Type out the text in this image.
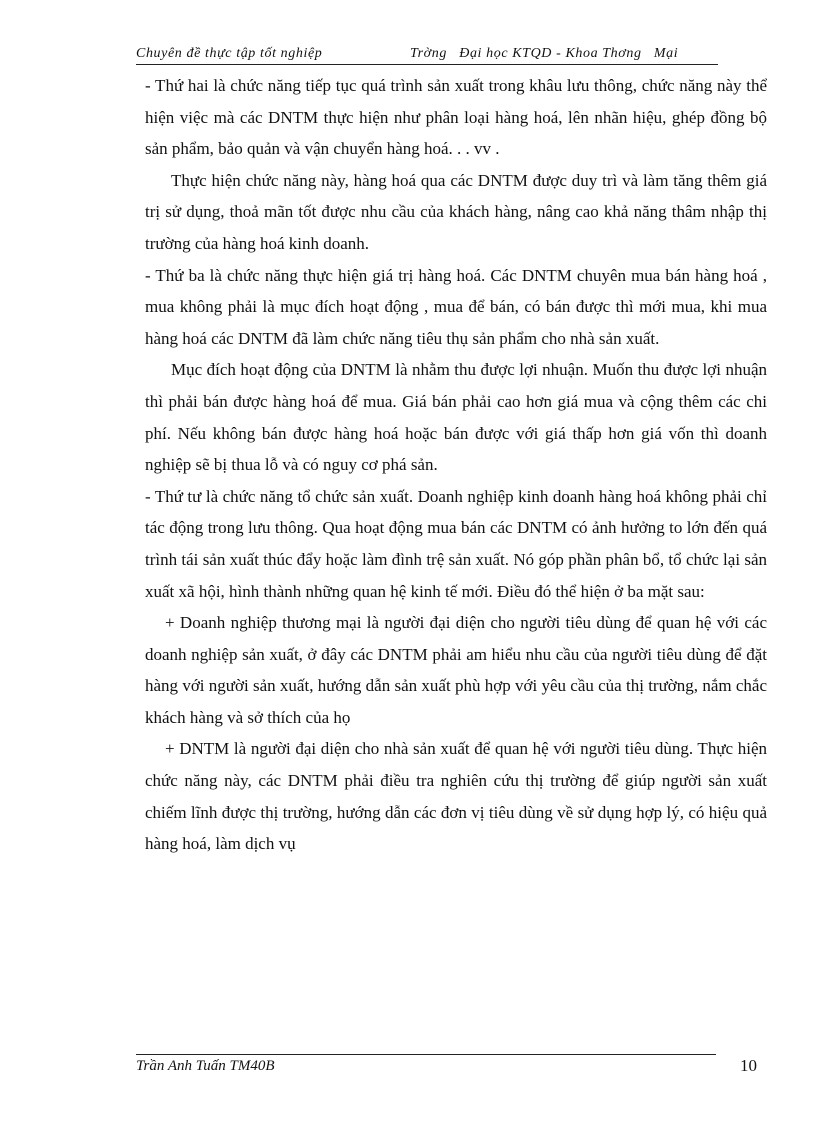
Chuyên đề thực tập tốt nghiệp	Trờng   Đại học KTQD - Khoa Thơng   Mại

- Thứ hai là chức năng tiếp tục quá trình sản xuất trong khâu lưu thông, chức năng này thể hiện việc mà các DNTM thực hiện như phân loại hàng hoá, lên nhãn hiệu, ghép đồng bộ sản phẩm, bảo quản và vận chuyển hàng hoá. . . vv .

Thực hiện chức năng này, hàng hoá qua các DNTM được duy trì và làm tăng thêm giá trị sử dụng, thoả mãn tốt được nhu cầu của khách hàng, nâng cao khả năng thâm nhập thị trường của hàng hoá kinh doanh.

- Thứ ba là chức năng thực hiện giá trị hàng hoá. Các DNTM chuyên mua bán hàng hoá , mua không phải là mục đích hoạt động , mua để bán, có bán được thì mới mua, khi mua hàng hoá các DNTM đã làm chức năng tiêu thụ sản phẩm cho nhà sản xuất.

Mục đích hoạt động của DNTM là nhằm thu được lợi nhuận. Muốn thu được lợi nhuận thì phải bán được hàng hoá để mua. Giá bán phải cao hơn giá mua và cộng thêm các chi phí. Nếu không bán được hàng hoá hoặc bán được với giá thấp hơn giá vốn thì doanh nghiệp sẽ bị thua lỗ và có nguy cơ phá sản.

- Thứ tư là chức năng tổ chức sản xuất. Doanh nghiệp kinh doanh hàng hoá không phải chỉ tác động trong lưu thông. Qua hoạt động mua bán các DNTM có ảnh hưởng to lớn đến quá trình tái sản xuất thúc đẩy hoặc làm đình trệ sản xuất. Nó góp phần phân bổ, tổ chức lại sản xuất xã hội, hình thành những quan hệ kinh tế mới. Điều đó thể hiện ở ba mặt sau:

+ Doanh nghiệp thương mại là người đại diện cho người tiêu dùng để quan hệ với các doanh nghiệp sản xuất, ở đây các DNTM phải am hiểu nhu cầu của người tiêu dùng để đặt hàng với người sản xuất, hướng dẫn sản xuất phù hợp với yêu cầu của thị trường, nắm chắc khách hàng và sở thích của họ

+ DNTM là người đại diện cho nhà sản xuất để quan hệ với người tiêu dùng. Thực hiện chức năng này, các DNTM phải điều tra nghiên cứu thị trường để giúp người sản xuất chiếm lĩnh được thị trường, hướng dẫn các đơn vị tiêu dùng về sử dụng hợp lý, có hiệu quả hàng hoá, làm dịch vụ

Trần Anh Tuấn TM40B	10
